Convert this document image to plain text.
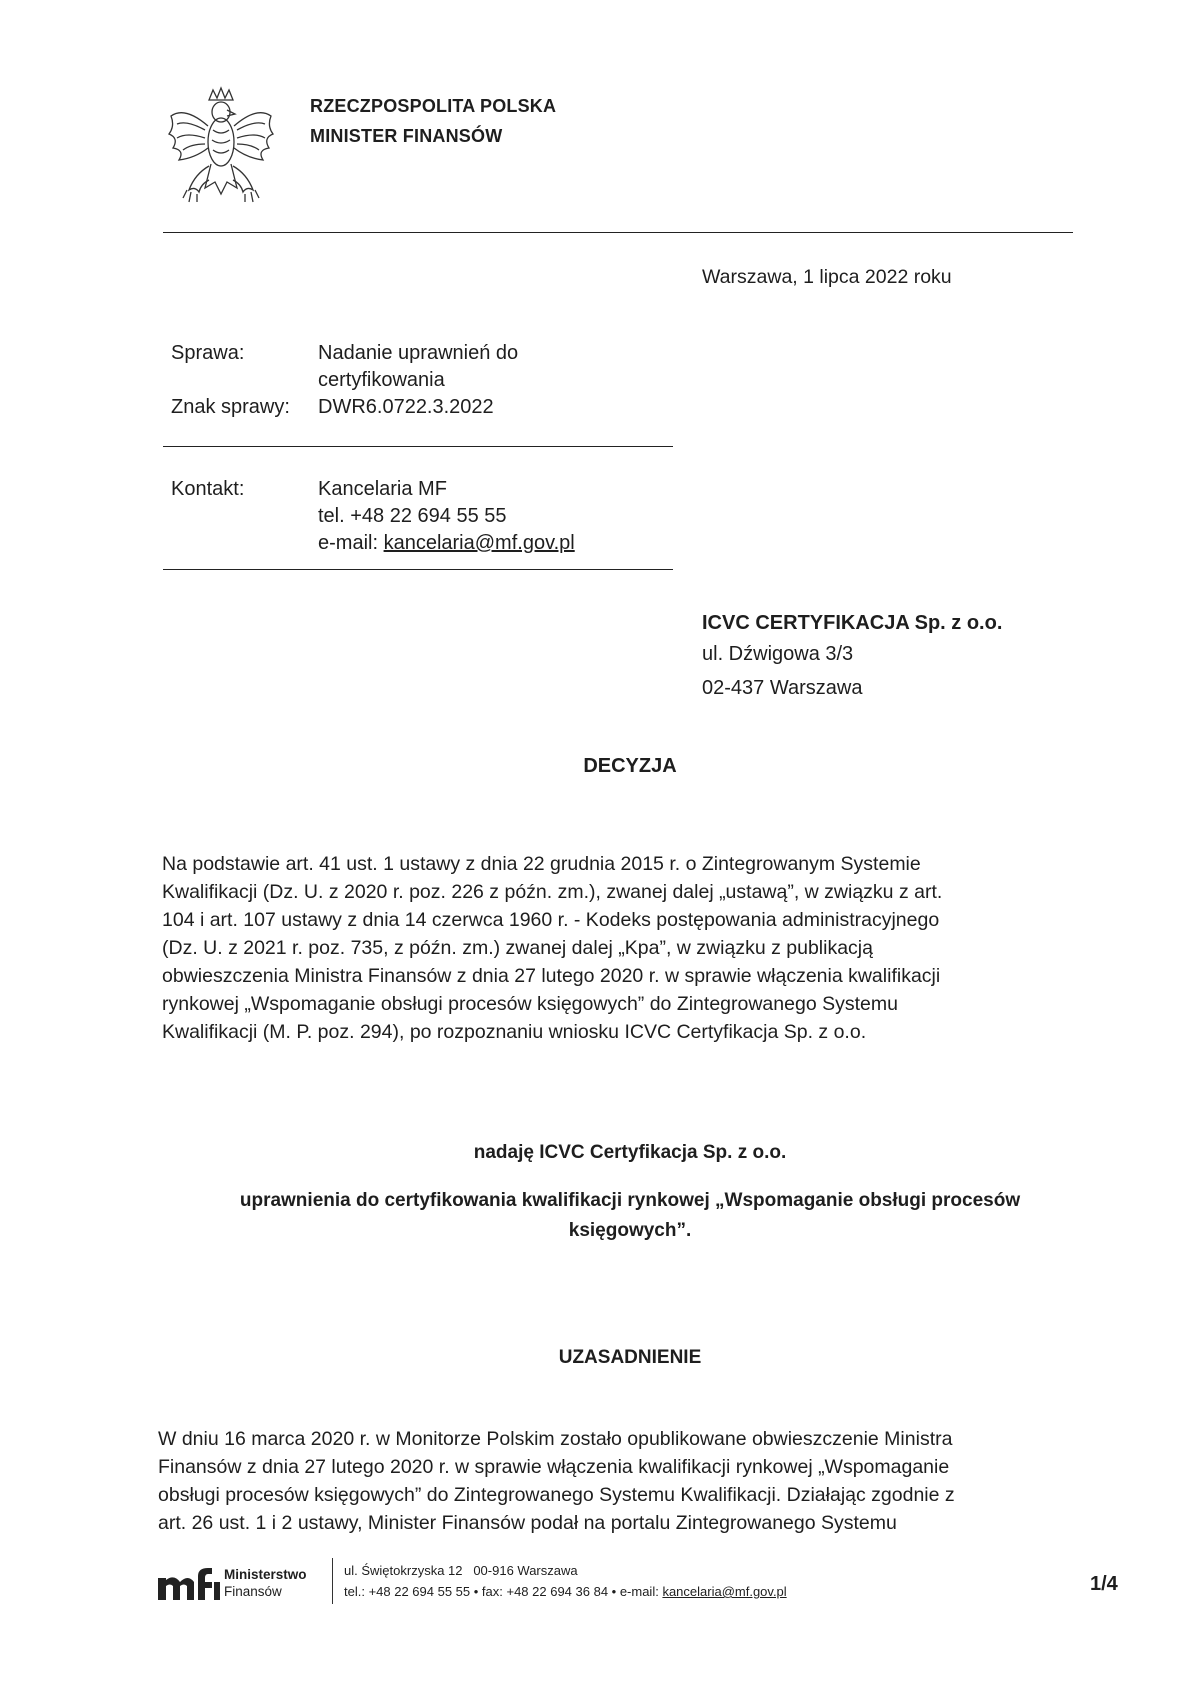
RZECZPOSPOLITA POLSKA
MINISTER FINANSÓW
Warszawa, 1 lipca 2022 roku
Sprawa:	Nadanie uprawnień do
certyfikowania
Znak sprawy: DWR6.0722.3.2022
Kontakt:	Kancelaria MF
tel. +48 22 694 55 55
e-mail: kancelaria@mf.gov.pl
ICVC CERTYFIKACJA Sp. z o.o.
ul. Dźwigowa 3/3
02-437 Warszawa
DECYZJA
Na podstawie art. 41 ust. 1 ustawy z dnia 22 grudnia 2015 r. o Zintegrowanym Systemie
Kwalifikacji (Dz. U. z 2020 r. poz. 226 z późn. zm.), zwanej dalej „ustawą”, w związku z art.
104 i art. 107 ustawy z dnia 14 czerwca 1960 r. - Kodeks postępowania administracyjnego
(Dz. U. z 2021 r. poz. 735, z późn. zm.) zwanej dalej „Kpa”, w związku z publikacją
obwieszczenia Ministra Finansów z dnia 27 lutego 2020 r. w sprawie włączenia kwalifikacji
rynkowej „Wspomaganie obsługi procesów księgowych” do Zintegrowanego Systemu
Kwalifikacji (M. P. poz. 294), po rozpoznaniu wniosku ICVC Certyfikacja Sp. z o.o.
nadaję ICVC Certyfikacja Sp. z o.o.
uprawnienia do certyfikowania kwalifikacji rynkowej „Wspomaganie obsługi procesów
księgowych”.
UZASADNIENIE
W dniu 16 marca 2020 r. w Monitorze Polskim zostało opublikowane obwieszczenie Ministra
Finansów z dnia 27 lutego 2020 r. w sprawie włączenia kwalifikacji rynkowej „Wspomaganie
obsługi procesów księgowych” do Zintegrowanego Systemu Kwalifikacji. Działając zgodnie z
art. 26 ust. 1 i 2 ustawy, Minister Finansów podał na portalu Zintegrowanego Systemu
Ministerstwo
Finansów
ul. Świętokrzyska 12   00-916 Warszawa
tel.: +48 22 694 55 55 • fax: +48 22 694 36 84 • e-mail: kancelaria@mf.gov.pl	1/4
